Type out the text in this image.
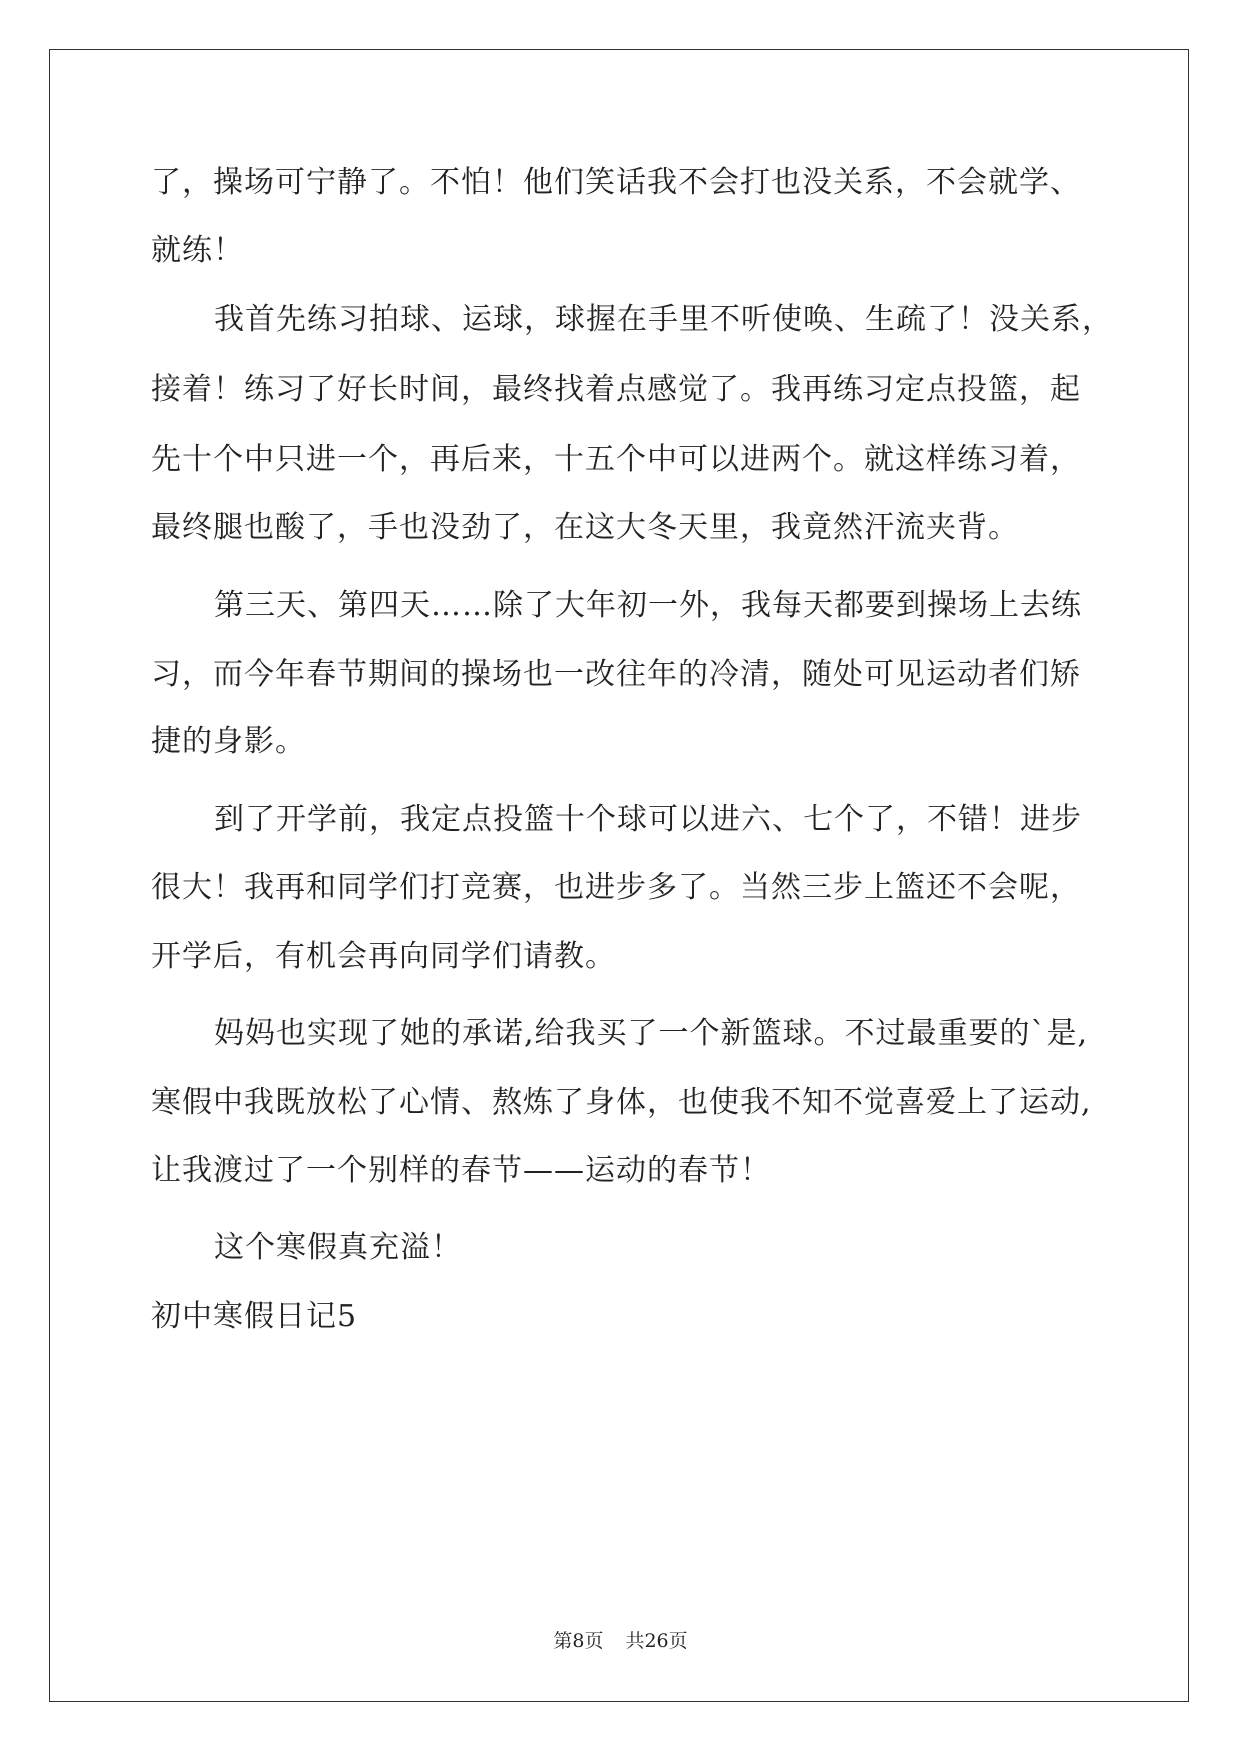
了，操场可宁静了。不怕！他们笑话我不会打也没关系，不会就学、
就练！
我首先练习拍球、运球，球握在手里不听使唤、生疏了！没关系，
接着！练习了好长时间，最终找着点感觉了。我再练习定点投篮，起
先十个中只进一个，再后来，十五个中可以进两个。就这样练习着，
最终腿也酸了，手也没劲了，在这大冬天里，我竟然汗流夹背。
第三天、第四天……除了大年初一外，我每天都要到操场上去练
习，而今年春节期间的操场也一改往年的冷清，随处可见运动者们矫
捷的身影。
到了开学前，我定点投篮十个球可以进六、七个了，不错！进步
很大！我再和同学们打竞赛，也进步多了。当然三步上篮还不会呢，
开学后，有机会再向同学们请教。
妈妈也实现了她的承诺,给我买了一个新篮球。不过最重要的`是,
寒假中我既放松了心情、熬炼了身体，也使我不知不觉喜爱上了运动,
让我渡过了一个别样的春节——运动的春节！
这个寒假真充溢！
初中寒假日记5
第8页 共26页
